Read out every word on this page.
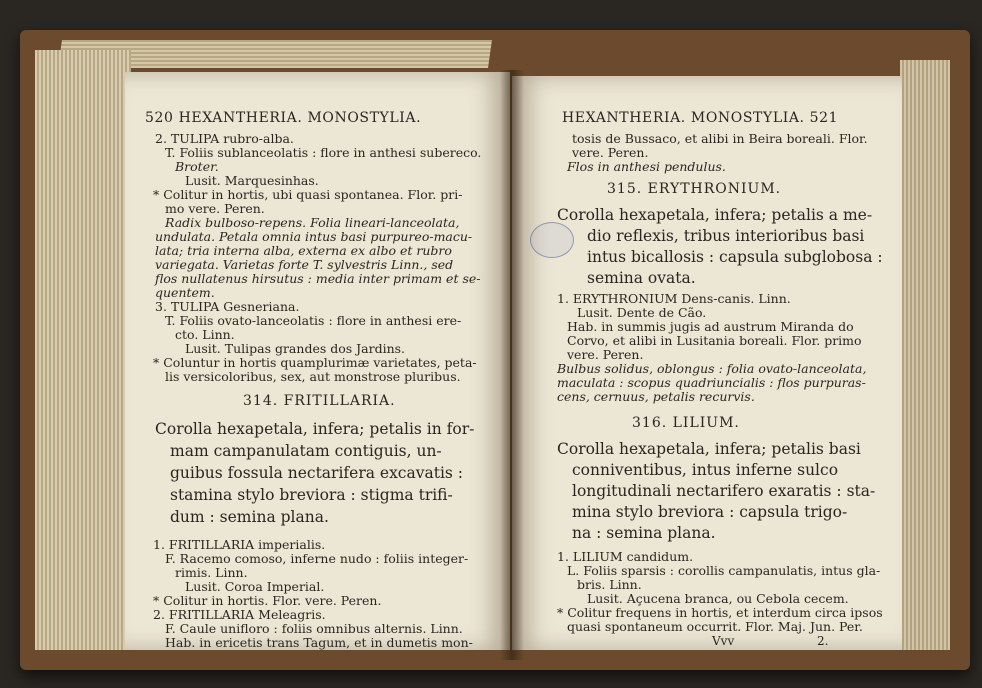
520 HEXANTHERIA. MONOSTYLIA.
2. TULIPA rubro-alba.
T. Foliis sublanceolatis : flore in anthesi subereco.
Broter.
Lusit. Marquesinhas.
* Colitur in hortis, ubi quasi spontanea. Flor. pri-
mo vere. Peren.
Radix bulboso-repens. Folia lineari-lanceolata,
undulata. Petala omnia intus basi purpureo-macu-
lata; tria interna alba, externa ex albo et rubro
variegata. Varietas forte T. sylvestris Linn., sed
flos nullatenus hirsutus : media inter primam et se-
quentem.
3. TULIPA Gesneriana.
T. Foliis ovato-lanceolatis : flore in anthesi ere-
cto. Linn.
Lusit. Tulipas grandes dos Jardins.
* Coluntur in hortis quamplurimæ varietates, peta-
lis versicoloribus, sex, aut monstrose pluribus.
314. FRITILLARIA.
Corolla hexapetala, infera; petalis in for-
mam campanulatam contiguis, un-
guibus fossula nectarifera excavatis :
stamina stylo breviora : stigma trifi-
dum : semina plana.
1. FRITILLARIA imperialis.
F. Racemo comoso, inferne nudo : foliis integer-
rimis. Linn.
Lusit. Coroa Imperial.
* Colitur in hortis. Flor. vere. Peren.
2. FRITILLARIA Meleagris.
F. Caule unifloro : foliis omnibus alternis. Linn.
Hab. in ericetis trans Tagum, et in dumetis mon-
HEXANTHERIA. MONOSTYLIA. 521
tosis de Bussaco, et alibi in Beira boreali. Flor.
vere. Peren.
Flos in anthesi pendulus.
315. ERYTHRONIUM.
Corolla hexapetala, infera; petalis a me-
dio reflexis, tribus interioribus basi
intus bicallosis : capsula subglobosa :
semina ovata.
1. ERYTHRONIUM Dens-canis. Linn.
Lusit. Dente de Cão.
Hab. in summis jugis ad austrum Miranda do
Corvo, et alibi in Lusitania boreali. Flor. primo
vere. Peren.
Bulbus solidus, oblongus : folia ovato-lanceolata,
maculata : scopus quadriuncialis : flos purpuras-
cens, cernuus, petalis recurvis.
316. LILIUM.
Corolla hexapetala, infera; petalis basi
conniventibus, intus inferne sulco
longitudinali nectarifero exaratis : sta-
mina stylo breviora : capsula trigo-
na : semina plana.
1. LILIUM candidum.
L. Foliis sparsis : corollis campanulatis, intus gla-
bris. Linn.
Lusit. Açucena branca, ou Cebola cecem.
* Colitur frequens in hortis, et interdum circa ipsos
quasi spontaneum occurrit. Flor. Maj. Jun. Per.
Vvv	2.
